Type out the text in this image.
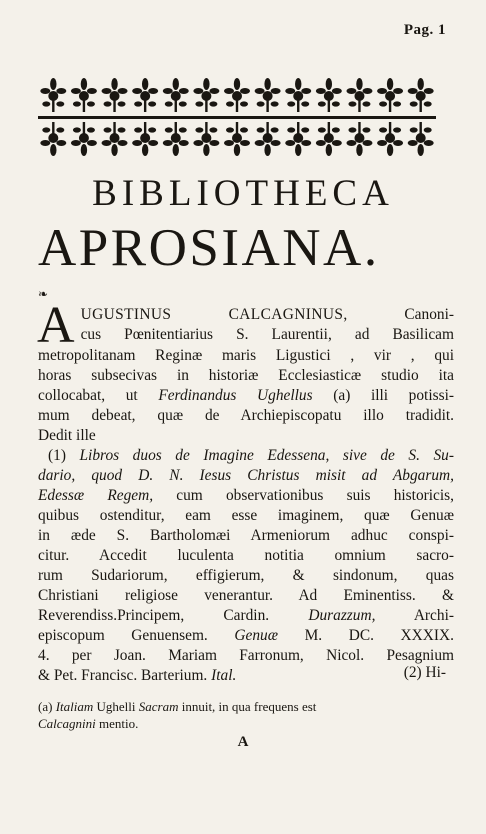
Pag. 1
BIBLIOTHECA
APROSIANA.
❧
A UGUSTINUS CALCAGNINUS, Canoni-
cus Pœnitentiarius S. Laurentii, ad Basilicam
metropolitanam Reginæ maris Ligustici , vir , qui
horas subsecivas in historiæ Ecclesiasticæ studio ita
collocabat, ut Ferdinandus Ughellus (a) illi potissi-
mum debeat, quæ de Archiepiscopatu illo tradidit.
Dedit ille
(1) Libros duos de Imagine Edessena, sive de S. Su-
dario, quod D. N. Iesus Christus misit ad Abgarum,
Edessæ Regem, cum observationibus suis historicis,
quibus ostenditur, eam esse imaginem, quæ Genuæ
in æde S. Bartholomæi Armeniorum adhuc conspi-
citur. Accedit luculenta notitia omnium sacro-
rum Sudariorum, effigierum, & sindonum, quas
Christiani religiose venerantur. Ad Eminentiss. &
Reverendiss.Principem, Cardin. Durazzum, Archi-
episcopum Genuensem. Genuæ M. DC. XXXIX.
4. per Joan. Mariam Farronum, Nicol. Pesagnium
& Pet. Francisc. Barterium. Ital.	(2) Hi-
(a) Italiam Ughelli Sacram innuit, in qua frequens est
Calcagnini mentio.
A
